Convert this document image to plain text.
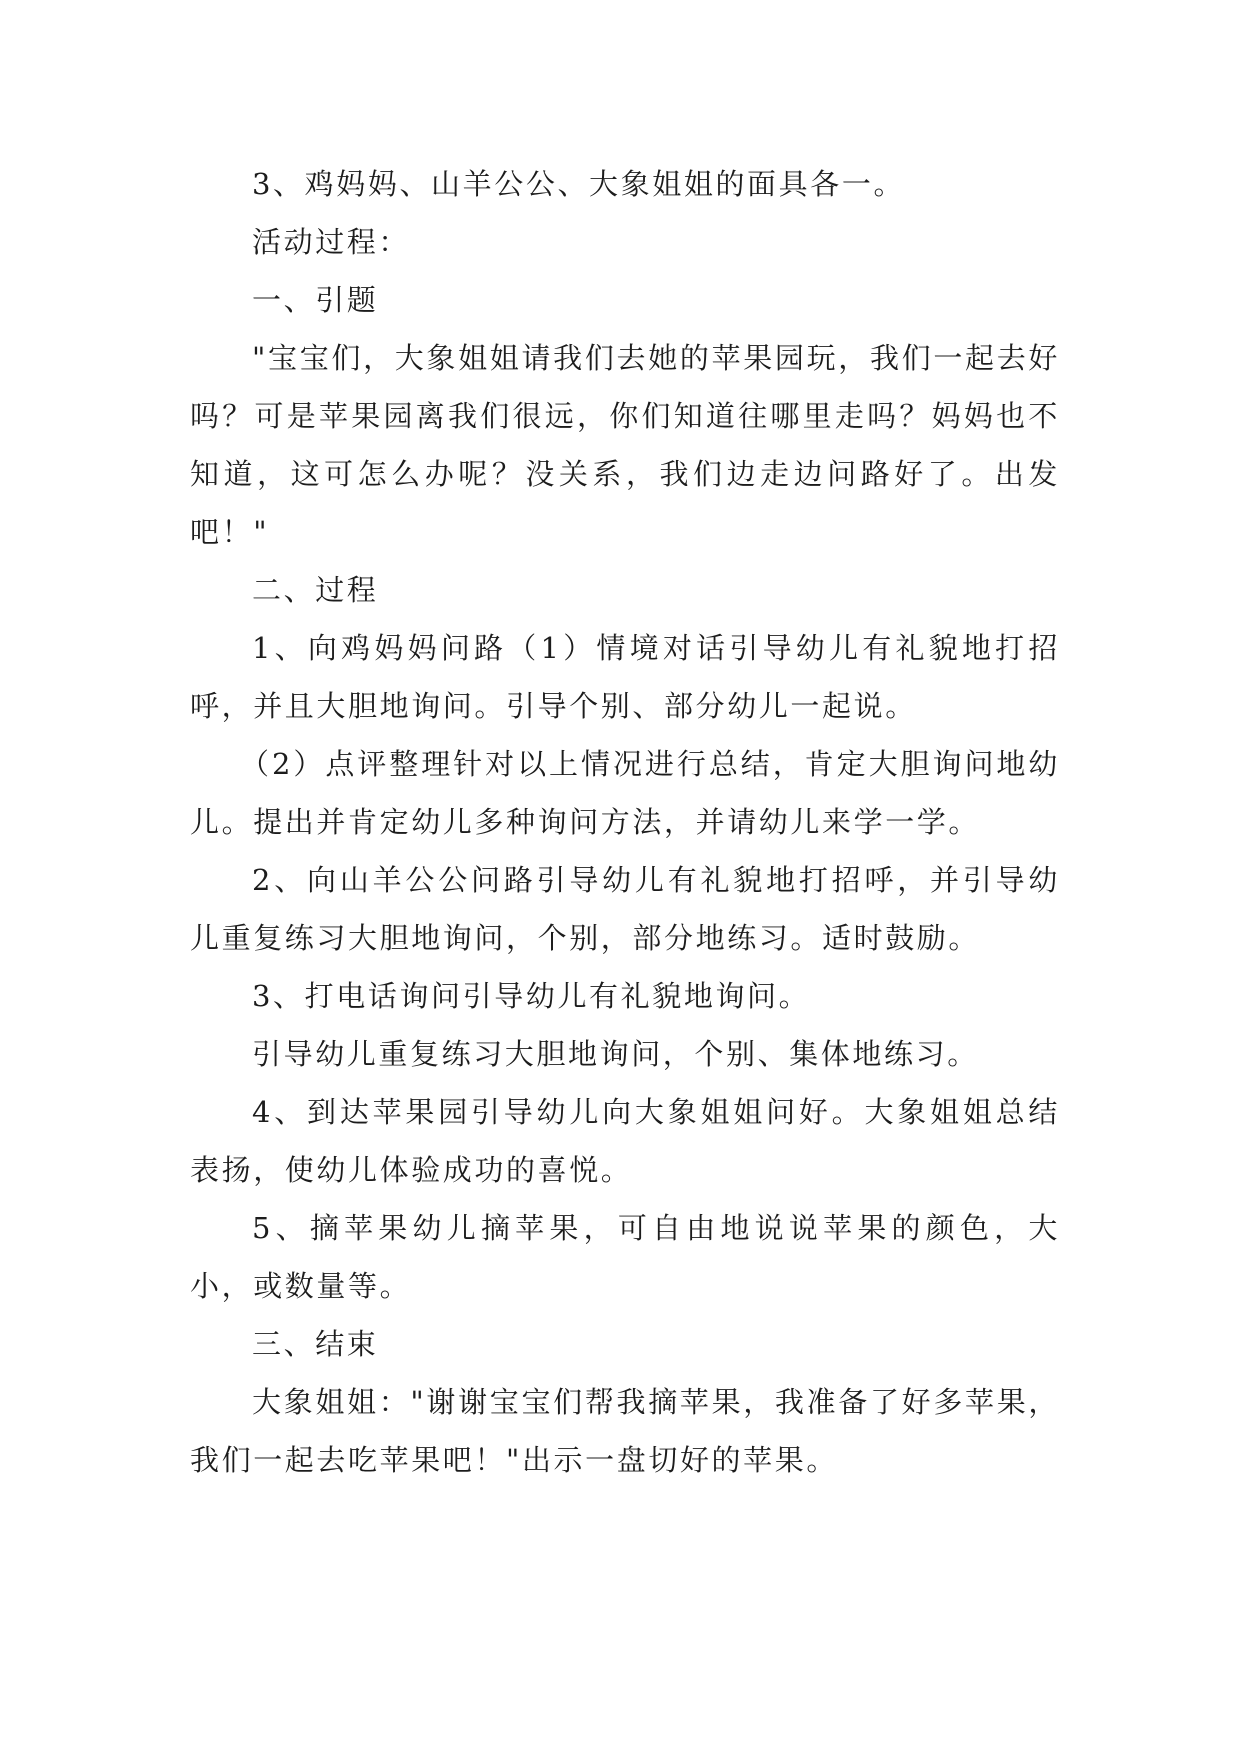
3、鸡妈妈、山羊公公、大象姐姐的面具各一。

活动过程：

一、引题

"宝宝们，大象姐姐请我们去她的苹果园玩，我们一起去好吗？可是苹果园离我们很远，你们知道往哪里走吗？妈妈也不知道，这可怎么办呢？没关系，我们边走边问路好了。出发吧！"

二、过程

1、向鸡妈妈问路（1）情境对话引导幼儿有礼貌地打招呼，并且大胆地询问。引导个别、部分幼儿一起说。

（2）点评整理针对以上情况进行总结，肯定大胆询问地幼儿。提出并肯定幼儿多种询问方法，并请幼儿来学一学。

2、向山羊公公问路引导幼儿有礼貌地打招呼，并引导幼儿重复练习大胆地询问，个别，部分地练习。适时鼓励。

3、打电话询问引导幼儿有礼貌地询问。

引导幼儿重复练习大胆地询问，个别、集体地练习。

4、到达苹果园引导幼儿向大象姐姐问好。大象姐姐总结表扬，使幼儿体验成功的喜悦。

5、摘苹果幼儿摘苹果，可自由地说说苹果的颜色，大小，或数量等。

三、结束

大象姐姐："谢谢宝宝们帮我摘苹果，我准备了好多苹果，我们一起去吃苹果吧！"出示一盘切好的苹果。
